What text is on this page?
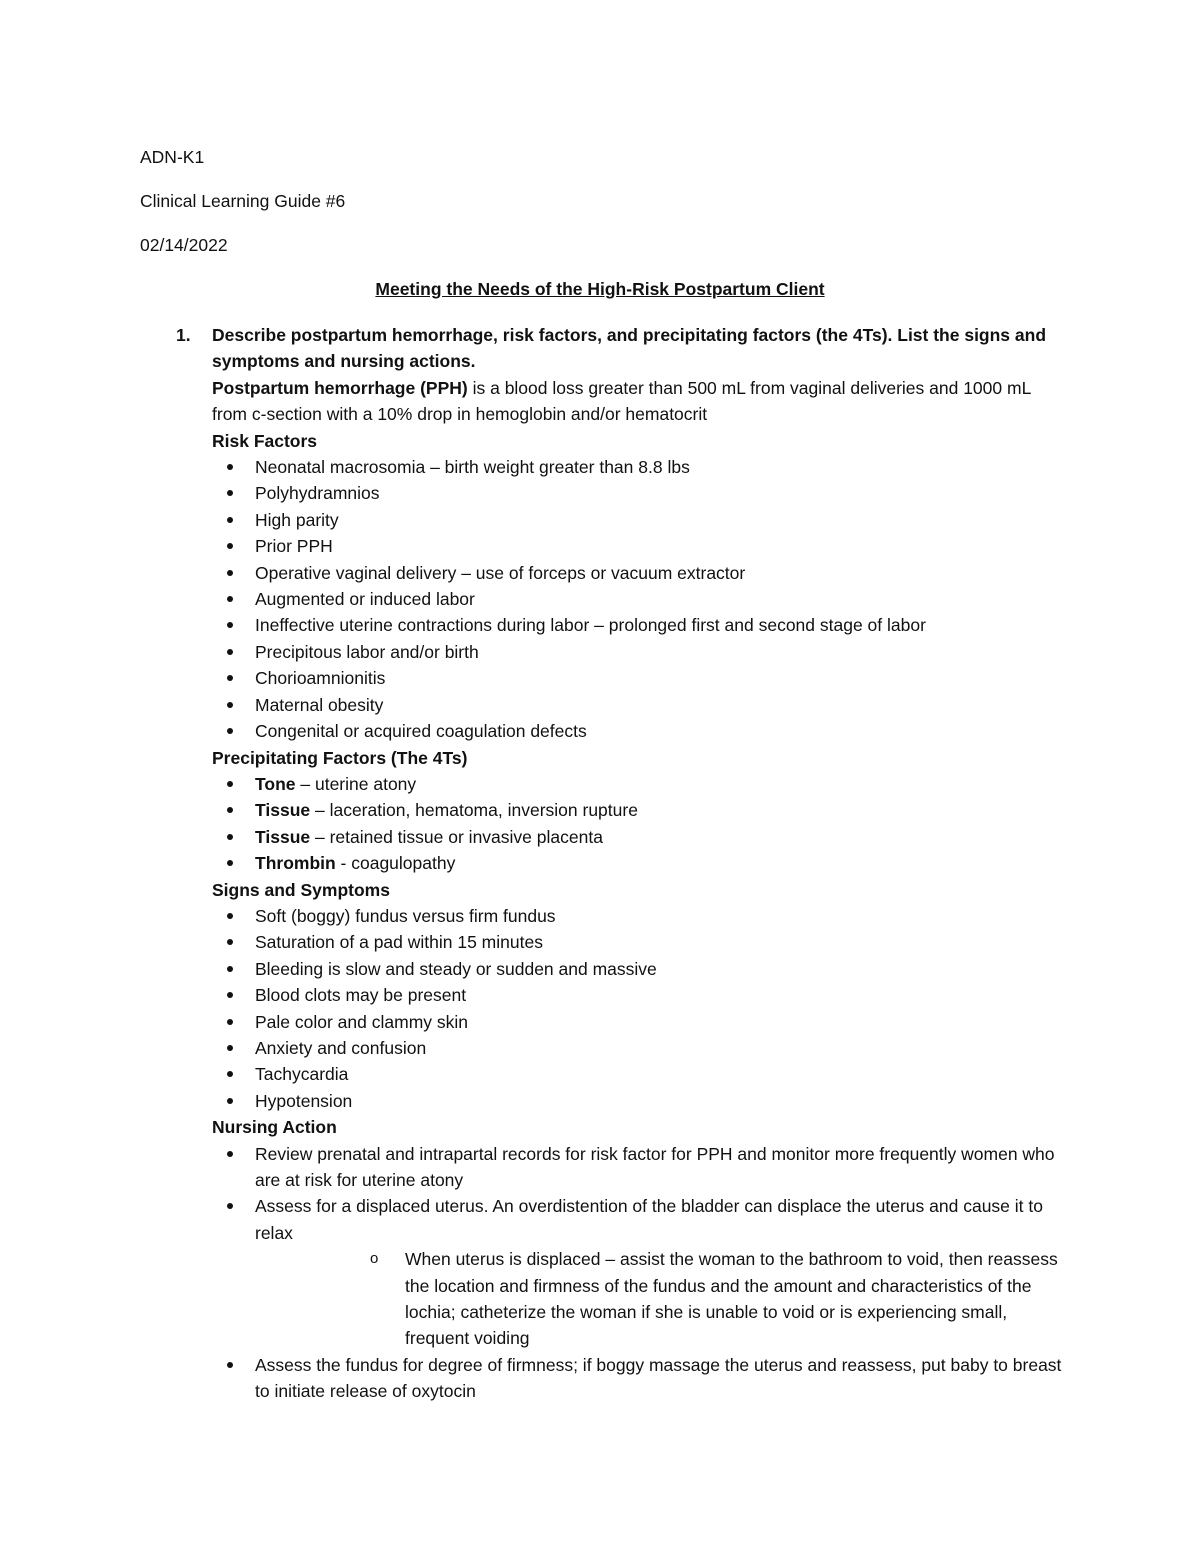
ADN-K1
Clinical Learning Guide #6
02/14/2022
Meeting the Needs of the High-Risk Postpartum Client
1. Describe postpartum hemorrhage, risk factors, and precipitating factors (the 4Ts). List the signs and symptoms and nursing actions.
Postpartum hemorrhage (PPH) is a blood loss greater than 500 mL from vaginal deliveries and 1000 mL from c-section with a 10% drop in hemoglobin and/or hematocrit
Risk Factors
Neonatal macrosomia – birth weight greater than 8.8 lbs
Polyhydramnios
High parity
Prior PPH
Operative vaginal delivery – use of forceps or vacuum extractor
Augmented or induced labor
Ineffective uterine contractions during labor – prolonged first and second stage of labor
Precipitous labor and/or birth
Chorioamnionitis
Maternal obesity
Congenital or acquired coagulation defects
Precipitating Factors (The 4Ts)
Tone – uterine atony
Tissue – laceration, hematoma, inversion rupture
Tissue – retained tissue or invasive placenta
Thrombin - coagulopathy
Signs and Symptoms
Soft (boggy) fundus versus firm fundus
Saturation of a pad within 15 minutes
Bleeding is slow and steady or sudden and massive
Blood clots may be present
Pale color and clammy skin
Anxiety and confusion
Tachycardia
Hypotension
Nursing Action
Review prenatal and intrapartal records for risk factor for PPH and monitor more frequently women who are at risk for uterine atony
Assess for a displaced uterus. An overdistention of the bladder can displace the uterus and cause it to relax
o When uterus is displaced – assist the woman to the bathroom to void, then reassess the location and firmness of the fundus and the amount and characteristics of the lochia; catheterize the woman if she is unable to void or is experiencing small, frequent voiding
Assess the fundus for degree of firmness; if boggy massage the uterus and reassess, put baby to breast to initiate release of oxytocin
